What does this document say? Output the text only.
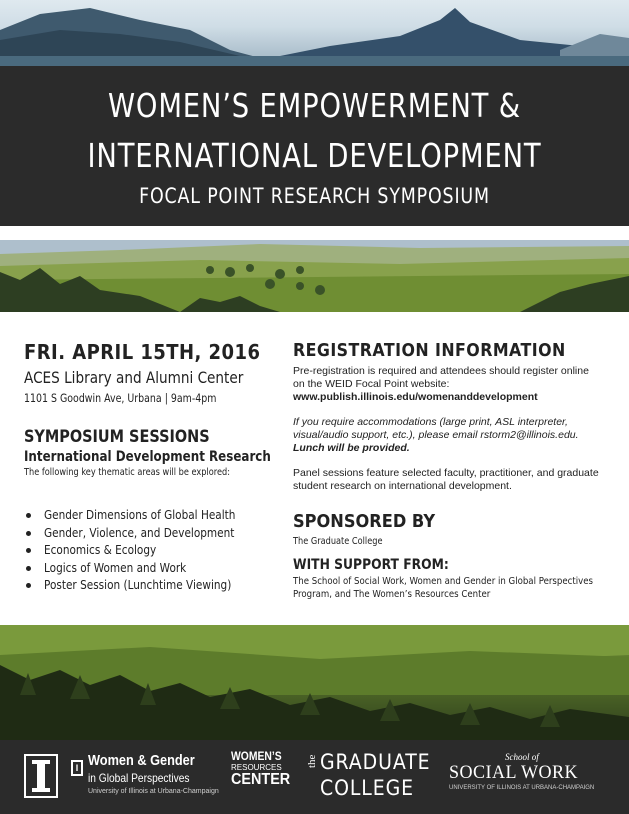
WOMEN’S EMPOWERMENT &
INTERNATIONAL DEVELOPMENT
FOCAL POINT RESEARCH SYMPOSIUM
FRI. APRIL 15TH, 2016
ACES Library and Alumni Center
1101 S Goodwin Ave, Urbana | 9am-4pm
SYMPOSIUM SESSIONS
International Development Research
The following key thematic areas will be explored:
Gender Dimensions of Global Health
Gender, Violence, and Development
Economics & Ecology
Logics of Women and Work
Poster Session (Lunchtime Viewing)
REGISTRATION INFORMATION
Pre-registration is required and attendees should register online on the WEID Focal Point website:
www.publish.illinois.edu/womenanddevelopment
If you require accommodations (large print, ASL interpreter, visual/audio support, etc.), please email rstorm2@illinois.edu. Lunch will be provided.
Panel sessions feature selected faculty, practitioner, and graduate student research on international development.
SPONSORED BY
The Graduate College
WITH SUPPORT FROM:
The School of Social Work, Women and Gender in Global Perspectives Program, and The Women’s Resources Center
I Women & Gender
in Global Perspectives
University of Illinois at Urbana-Champaign
WOMEN’S
RESOURCES
CENTER
the GRADUATE
COLLEGE
School of
SOCIAL WORK
UNIVERSITY OF ILLINOIS AT URBANA-CHAMPAIGN
